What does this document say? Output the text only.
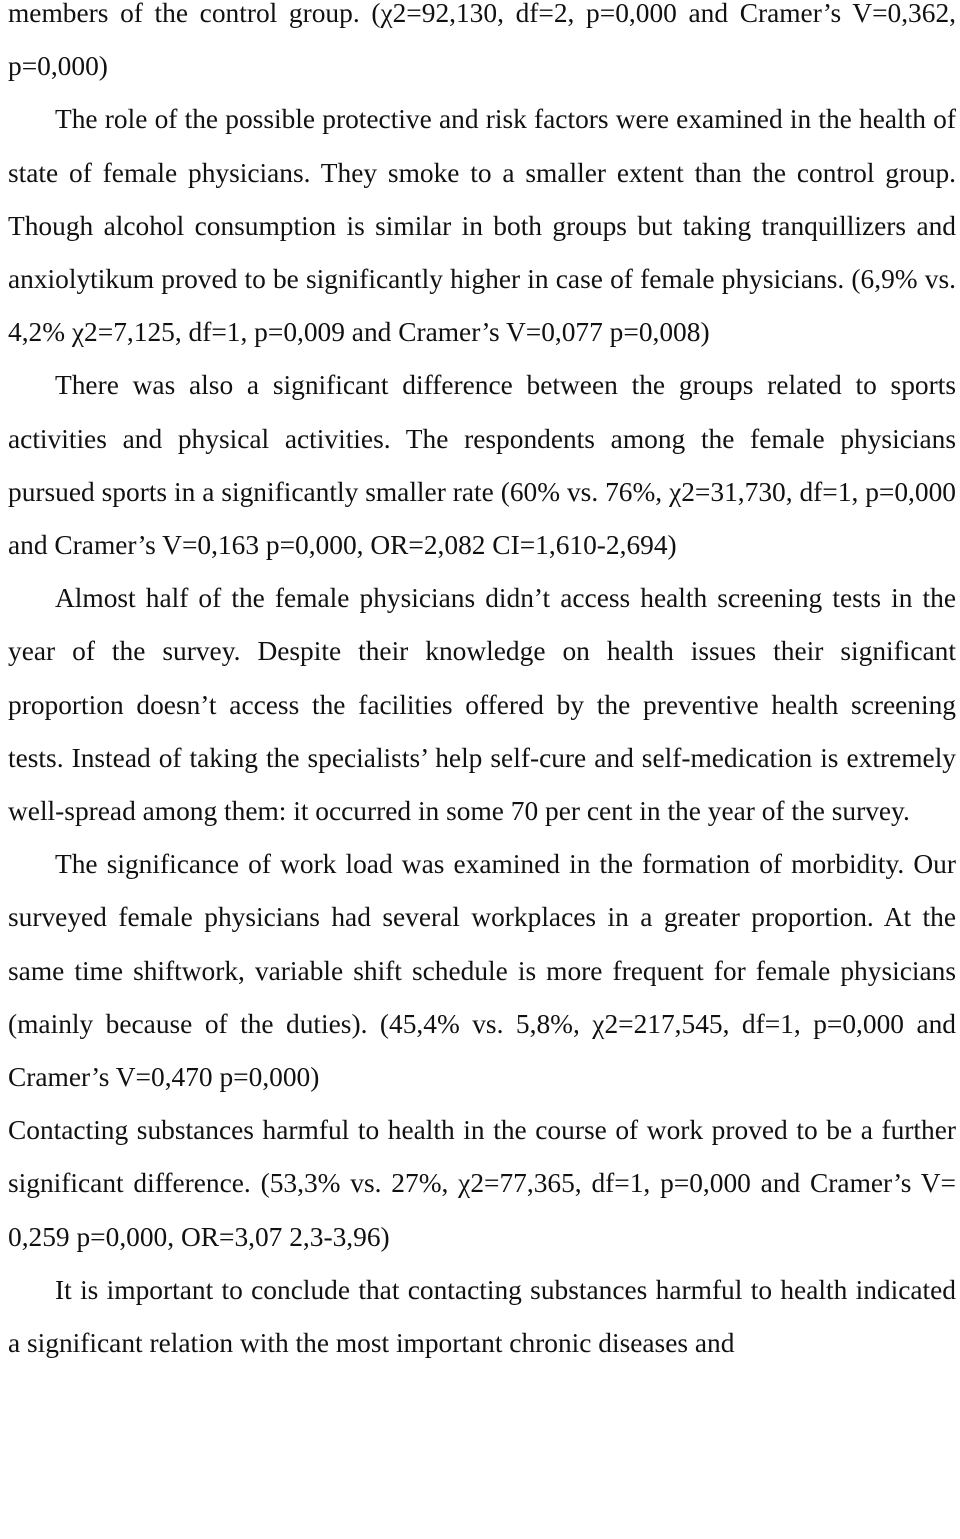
members of the control group. (χ2=92,130, df=2, p=0,000 and Cramer’s V=0,362, p=0,000)

The role of the possible protective and risk factors were examined in the health of state of female physicians. They smoke to a smaller extent than the control group. Though alcohol consumption is similar in both groups but taking tranquillizers and anxiolytikum proved to be significantly higher in case of female physicians. (6,9% vs. 4,2% χ2=7,125, df=1, p=0,009 and Cramer’s V=0,077 p=0,008)

There was also a significant difference between the groups related to sports activities and physical activities. The respondents among the female physicians pursued sports in a significantly smaller rate (60% vs. 76%, χ2=31,730, df=1, p=0,000 and Cramer’s V=0,163 p=0,000, OR=2,082 CI=1,610-2,694)

Almost half of the female physicians didn’t access health screening tests in the year of the survey. Despite their knowledge on health issues their significant proportion doesn’t access the facilities offered by the preventive health screening tests. Instead of taking the specialists’ help self-cure and self-medication is extremely well-spread among them: it occurred in some 70 per cent in the year of the survey.

The significance of work load was examined in the formation of morbidity. Our surveyed female physicians had several workplaces in a greater proportion. At the same time shiftwork, variable shift schedule is more frequent for female physicians (mainly because of the duties). (45,4% vs. 5,8%, χ2=217,545, df=1, p=0,000 and Cramer’s V=0,470 p=0,000)

Contacting substances harmful to health in the course of work proved to be a further significant difference. (53,3% vs. 27%, χ2=77,365, df=1, p=0,000 and Cramer’s V= 0,259 p=0,000, OR=3,07 2,3-3,96)

It is important to conclude that contacting substances harmful to health indicated a significant relation with the most important chronic diseases and
